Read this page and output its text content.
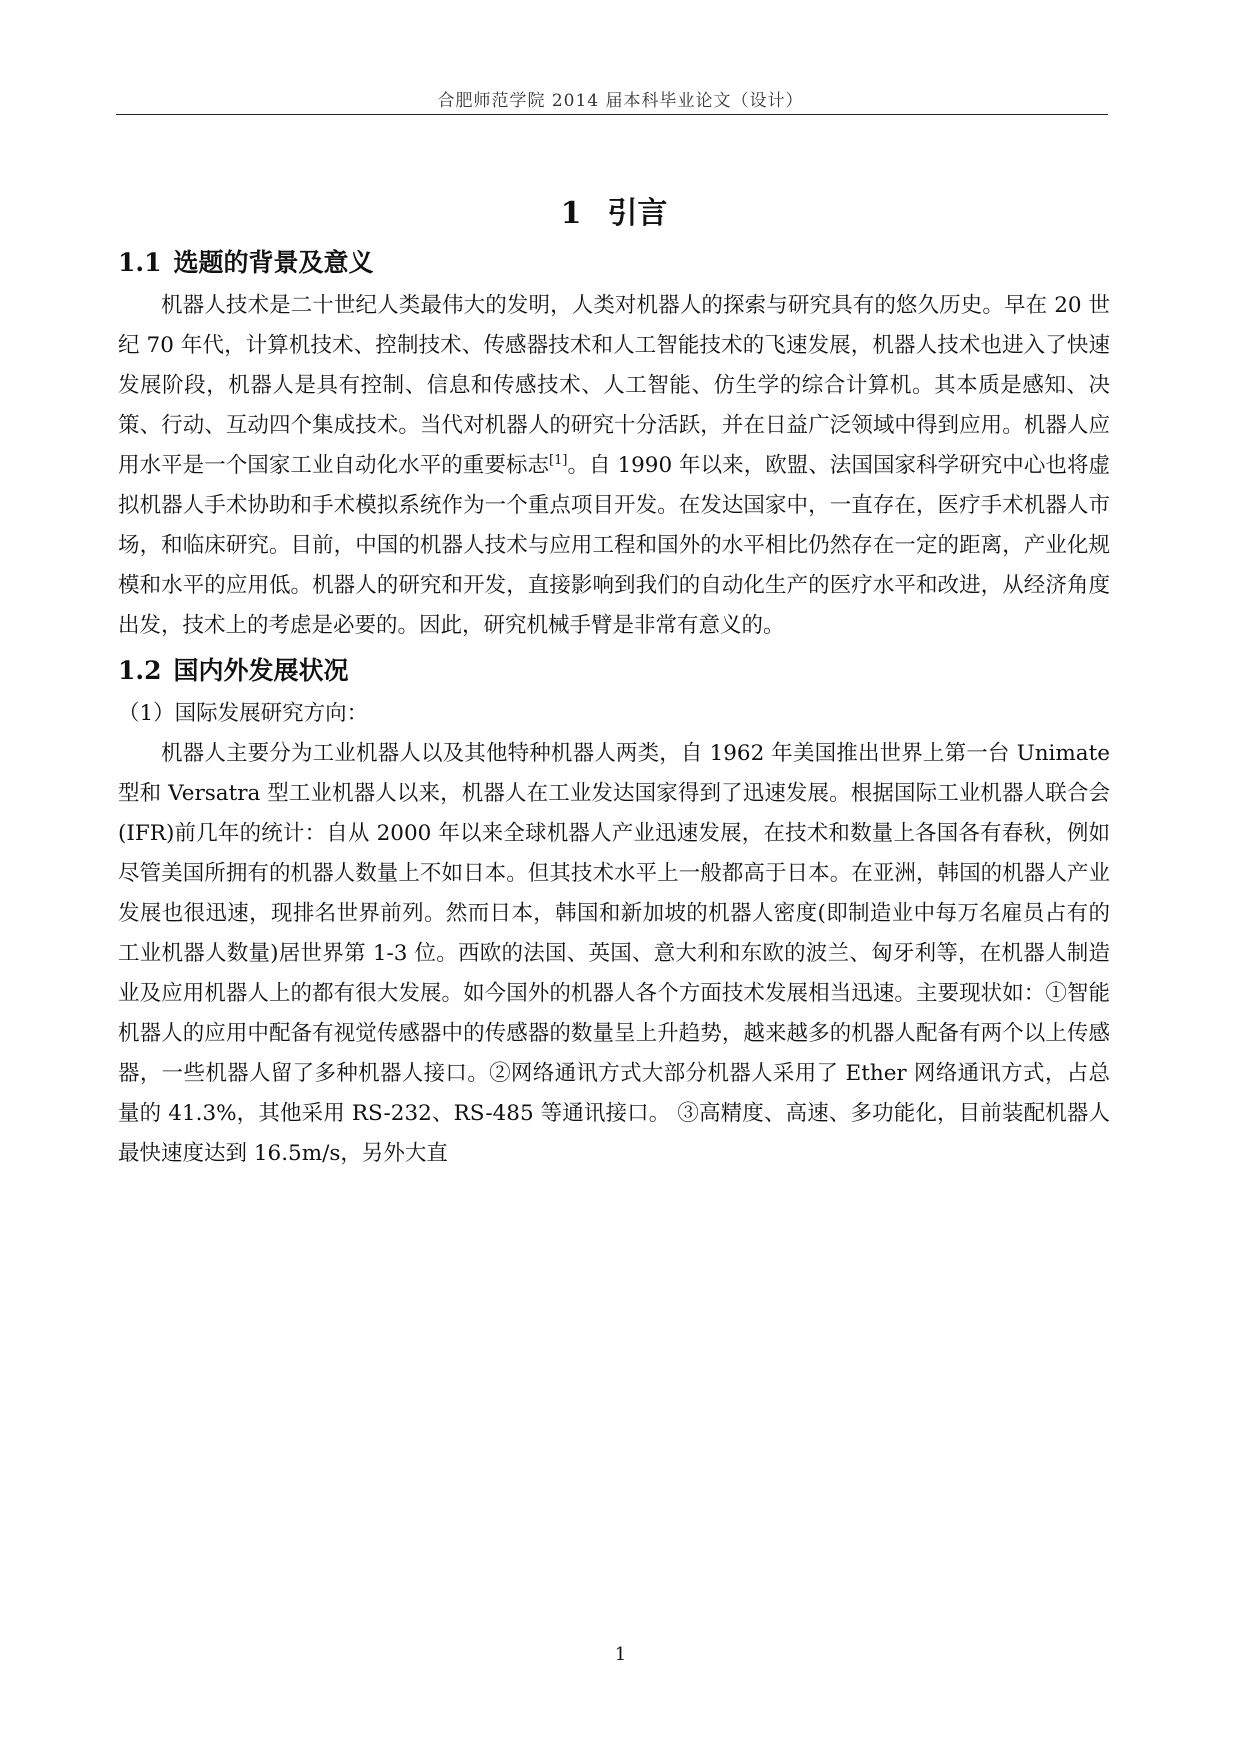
合肥师范学院 2014 届本科毕业论文（设计）
1 引言
1.1 选题的背景及意义

机器人技术是二十世纪人类最伟大的发明，人类对机器人的探索与研究具有的悠久历史。早在 20 世纪 70 年代，计算机技术、控制技术、传感器技术和人工智能技术的飞速发展，机器人技术也进入了快速发展阶段，机器人是具有控制、信息和传感技术、人工智能、仿生学的综合计算机。其本质是感知、决策、行动、互动四个集成技术。当代对机器人的研究十分活跃，并在日益广泛领域中得到应用。机器人应用水平是一个国家工业自动化水平的重要标志[1]。自 1990 年以来，欧盟、法国国家科学研究中心也将虚拟机器人手术协助和手术模拟系统作为一个重点项目开发。在发达国家中，一直存在，医疗手术机器人市场，和临床研究。目前，中国的机器人技术与应用工程和国外的水平相比仍然存在一定的距离，产业化规模和水平的应用低。机器人的研究和开发，直接影响到我们的自动化生产的医疗水平和改进，从经济角度出发，技术上的考虑是必要的。因此，研究机械手臂是非常有意义的。

1.2 国内外发展状况

（1）国际发展研究方向：

机器人主要分为工业机器人以及其他特种机器人两类，自 1962 年美国推出世界上第一台 Unimate 型和 Versatra 型工业机器人以来，机器人在工业发达国家得到了迅速发展。根据国际工业机器人联合会(IFR)前几年的统计：自从 2000 年以来全球机器人产业迅速发展，在技术和数量上各国各有春秋，例如尽管美国所拥有的机器人数量上不如日本。但其技术水平上一般都高于日本。在亚洲，韩国的机器人产业发展也很迅速，现排名世界前列。然而日本，韩国和新加坡的机器人密度(即制造业中每万名雇员占有的工业机器人数量)居世界第 1-3 位。西欧的法国、英国、意大利和东欧的波兰、匈牙利等，在机器人制造业及应用机器人上的都有很大发展。如今国外的机器人各个方面技术发展相当迅速。主要现状如：①智能机器人的应用中配备有视觉传感器中的传感器的数量呈上升趋势，越来越多的机器人配备有两个以上传感器，一些机器人留了多种机器人接口。②网络通讯方式大部分机器人采用了 Ether 网络通讯方式，占总量的 41.3%，其他采用 RS-232、RS-485 等通讯接口。 ③高精度、高速、多功能化，目前装配机器人最快速度达到 16.5m/s，另外大直

1
